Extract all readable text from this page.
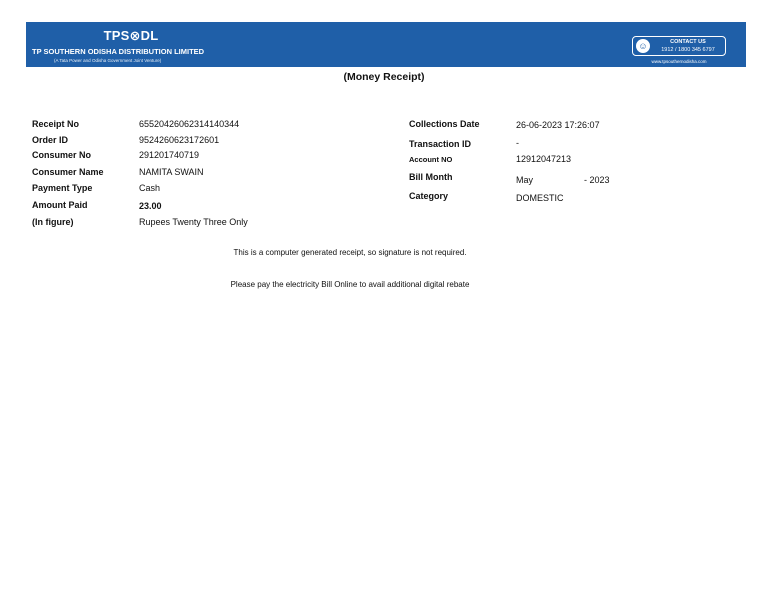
TPS⊗DL
TP SOUTHERN ODISHA DISTRIBUTION LIMITED
(A Tata Power and Odisha Government Joint Venture)
☺	CONTACT US
1912 / 1800 345 6797
www.tpsouthernodisha.com
(Money Receipt)
Receipt No	65520426062314140344
Order ID	9524260623172601
Consumer No	291201740719
Consumer Name	NAMITA SWAIN
Payment Type	Cash
Amount Paid	23.00
(In figure)	Rupees Twenty Three Only
Collections Date	26-06-2023 17:26:07
Transaction ID	-
Account NO	12912047213
Bill Month	May	- 2023
Category	DOMESTIC
This is a computer generated receipt, so signature is not required.
Please pay the electricity Bill Online to avail additional digital rebate
